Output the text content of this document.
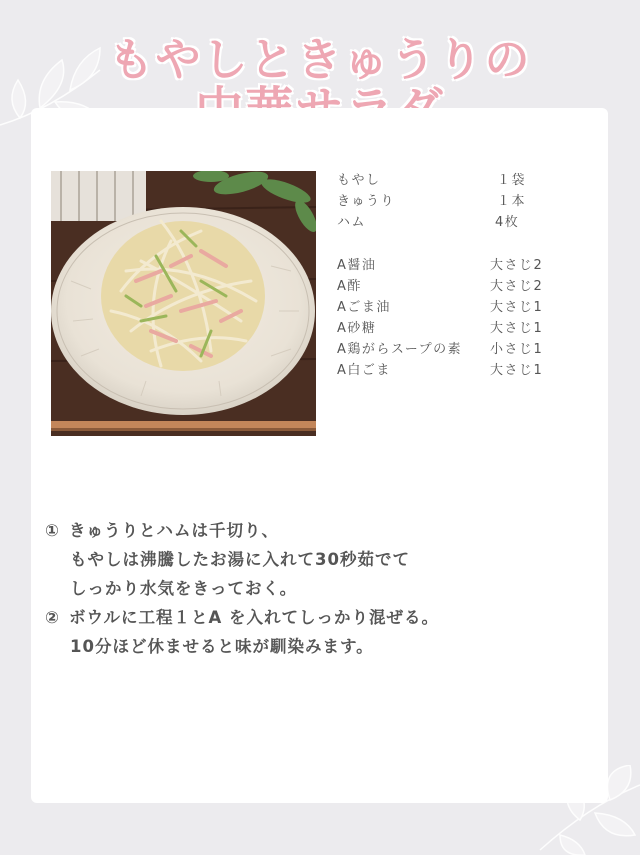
もやしときゅうりの
もやし	１袋
きゅうり	１本
ハム	4枚
A醤油	大さじ2
A酢	大さじ2
Aごま油	大さじ1
A砂糖	大さじ1
A鶏がらスープの素 小さじ1
A白ごま	大さじ1
① きゅうりとハムは千切り、
もやしは沸騰したお湯に入れて30秒茹でて
しっかり水気をきっておく。
② ボウルに工程１とA を入れてしっかり混ぜる。
10分ほど休ませると味が馴染みます。
